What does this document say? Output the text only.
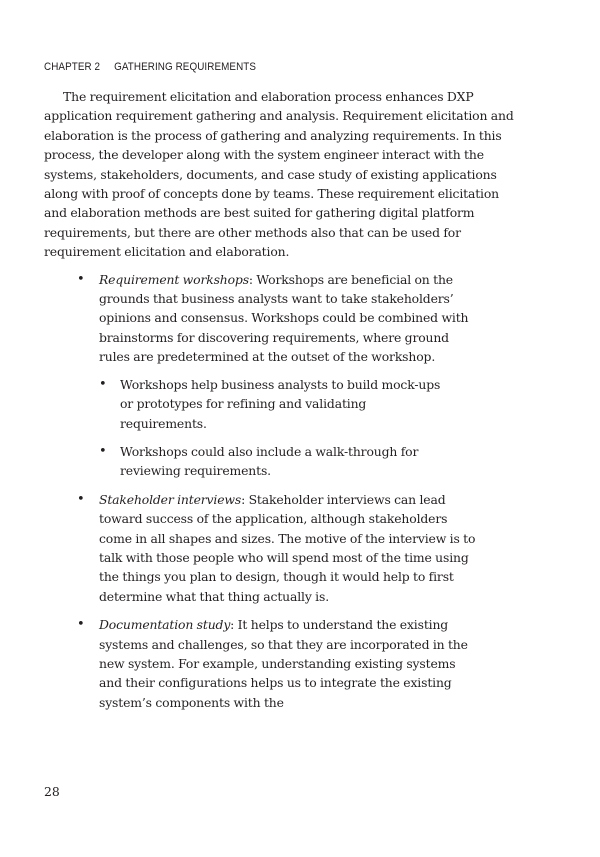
CHAPTER 2 GATHERING REQUIREMENTS

The requirement elicitation and elaboration process enhances DXP application requirement gathering and analysis. Requirement elicitation and elaboration is the process of gathering and analyzing requirements. In this process, the developer along with the system engineer interact with the systems, stakeholders, documents, and case study of existing applications along with proof of concepts done by teams. These requirement elicitation and elaboration methods are best suited for gathering digital platform requirements, but there are other methods also that can be used for requirement elicitation and elaboration.

• Requirement workshops: Workshops are beneficial on the grounds that business analysts want to take stakeholders’ opinions and consensus. Workshops could be combined with brainstorms for discovering requirements, where ground rules are predetermined at the outset of the workshop.
• Workshops help business analysts to build mock-ups or prototypes for refining and validating requirements.
• Workshops could also include a walk-through for reviewing requirements.
• Stakeholder interviews: Stakeholder interviews can lead toward success of the application, although stakeholders come in all shapes and sizes. The motive of the interview is to talk with those people who will spend most of the time using the things you plan to design, though it would help to first determine what that thing actually is.
• Documentation study: It helps to understand the existing systems and challenges, so that they are incorporated in the new system. For example, understanding existing systems and their configurations helps us to integrate the existing system’s components with the
28
